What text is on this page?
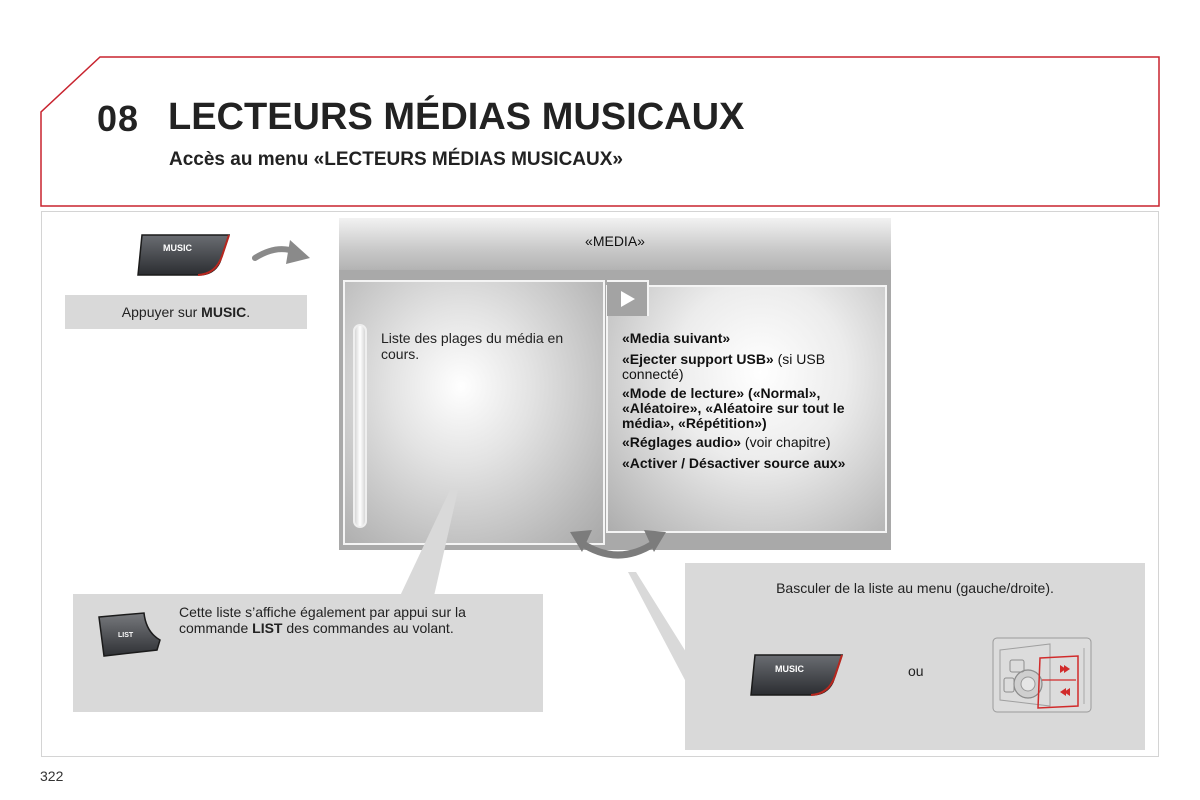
08 LECTEURS MÉDIAS MUSICAUX
Accès au menu «LECTEURS MÉDIAS MUSICAUX»
MUSIC
Appuyer sur MUSIC.
«MEDIA»
Liste des plages du média en cours.
«Media suivant»
«Ejecter support USB» (si USB connecté)
«Mode de lecture» («Normal», «Aléatoire», «Aléatoire sur tout le média», «Répétition»)
«Réglages audio» (voir chapitre)
«Activer / Désactiver source aux»
LIST
Cette liste s’affiche également par appui sur la commande LIST des commandes au volant.
Basculer de la liste au menu (gauche/droite).
MUSIC	ou
322
